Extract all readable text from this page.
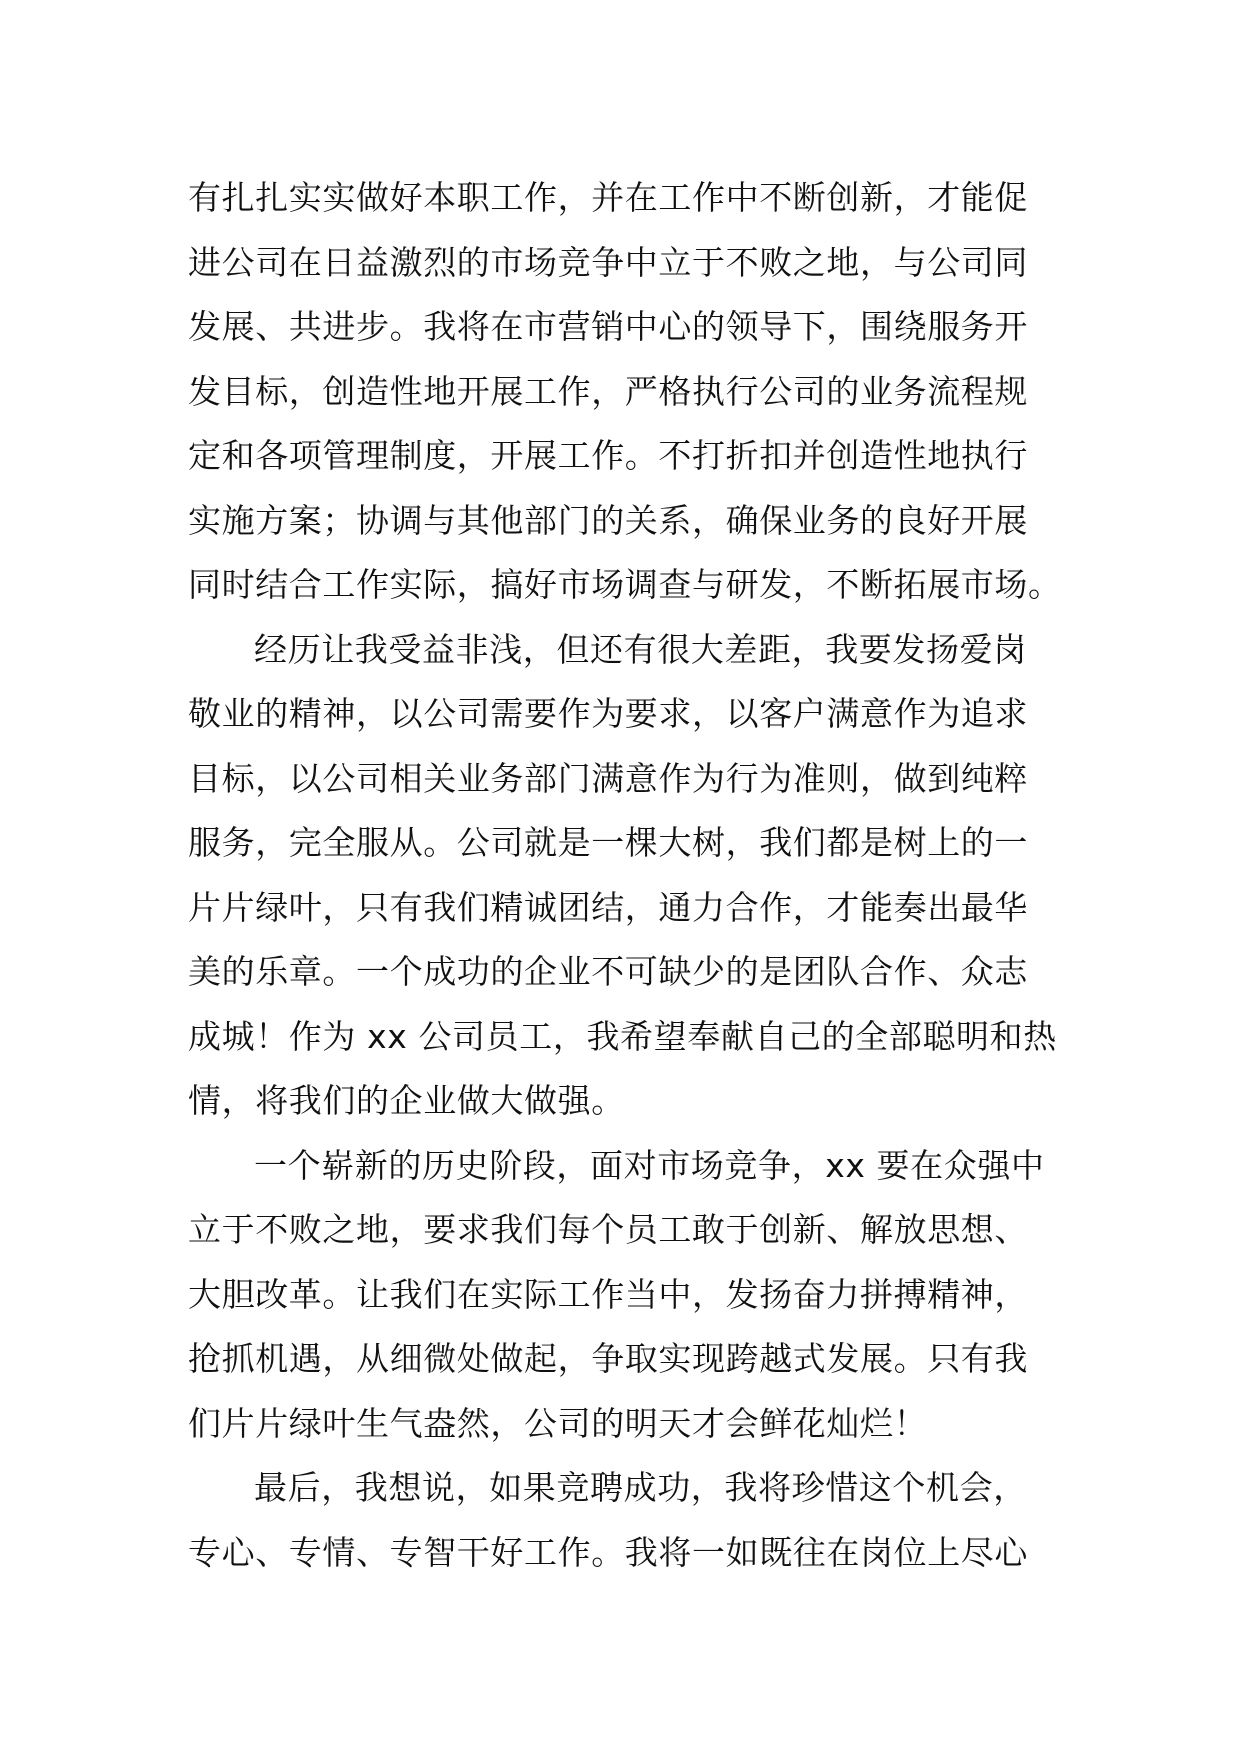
有扎扎实实做好本职工作，并在工作中不断创新，才能促
进公司在日益激烈的市场竞争中立于不败之地，与公司同
发展、共进步。我将在市营销中心的领导下，围绕服务开
发目标，创造性地开展工作，严格执行公司的业务流程规
定和各项管理制度，开展工作。不打折扣并创造性地执行
实施方案；协调与其他部门的关系，确保业务的良好开展
同时结合工作实际，搞好市场调查与研发，不断拓展市场。
经历让我受益非浅，但还有很大差距，我要发扬爱岗
敬业的精神，以公司需要作为要求，以客户满意作为追求
目标，以公司相关业务部门满意作为行为准则，做到纯粹
服务，完全服从。公司就是一棵大树，我们都是树上的一
片片绿叶，只有我们精诚团结，通力合作，才能奏出最华
美的乐章。一个成功的企业不可缺少的是团队合作、众志
成城！作为 xx 公司员工，我希望奉献自己的全部聪明和热
情，将我们的企业做大做强。
一个崭新的历史阶段，面对市场竞争，xx 要在众强中
立于不败之地，要求我们每个员工敢于创新、解放思想、
大胆改革。让我们在实际工作当中，发扬奋力拼搏精神，
抢抓机遇，从细微处做起，争取实现跨越式发展。只有我
们片片绿叶生气盎然，公司的明天才会鲜花灿烂！
最后，我想说，如果竞聘成功，我将珍惜这个机会，
专心、专情、专智干好工作。我将一如既往在岗位上尽心
